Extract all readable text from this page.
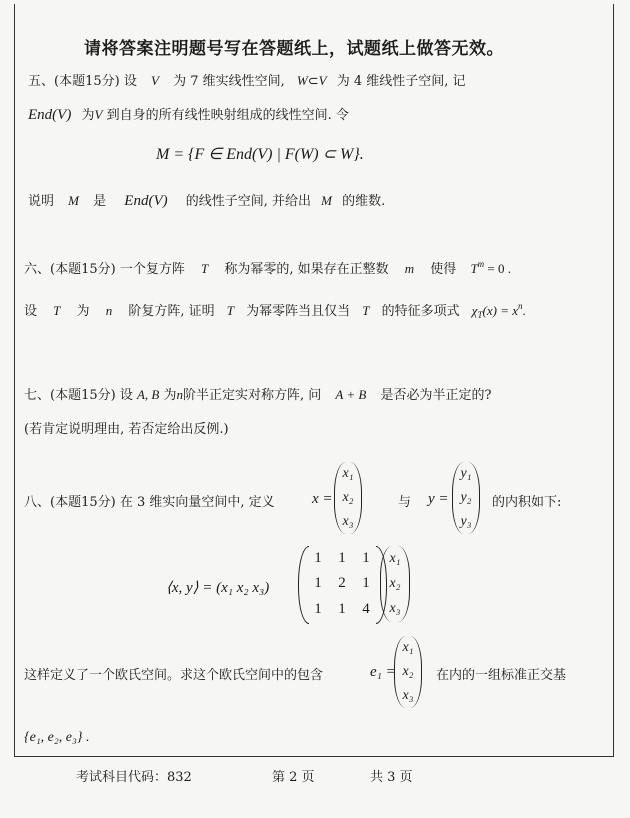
请将答案注明题号写在答题纸上，试题纸上做答无效。
五、(本题15分) 设 V 为 7 维实线性空间, W⊂V 为 4 维线性子空间, 记
End(V) 为V 到自身的所有线性映射组成的线性空间. 令
M = {F ∈ End(V) | F(W) ⊂ W}.
说明 M 是 End(V) 的线性子空间, 并给出 M 的维数.
六、(本题15分) 一个复方阵 T 称为幂零的, 如果存在正整数 m 使得 $T^m = 0$ .
设 T 为 n 阶复方阵, 证明 T 为幂零阵当且仅当 T 的特征多项式 $\chi_T(x) = x^n$.
七、(本题15分) 设 A, B 为n阶半正定实对称方阵, 问 A + B 是否必为半正定的?
(若肯定说明理由, 若否定给出反例.)
八、(本题15分) 在 3 维实向量空间中, 定义 x =
x₁
x₂
x₃
与 y =
y₁
y₂
y₃
的内积如下:
⟨x, y⟩ = (x₁ x₂ x₃)
1	1	1
1	2	1
1	1	4
x₁
x₂
x₃
这样定义了一个欧氏空间。求这个欧氏空间中的包含	e₁ =
x₁
x₂
x₃
在内的一组标准正交基
{e₁, e₂, e₃} .
考试科目代码：832	第 2 页	共 3 页
